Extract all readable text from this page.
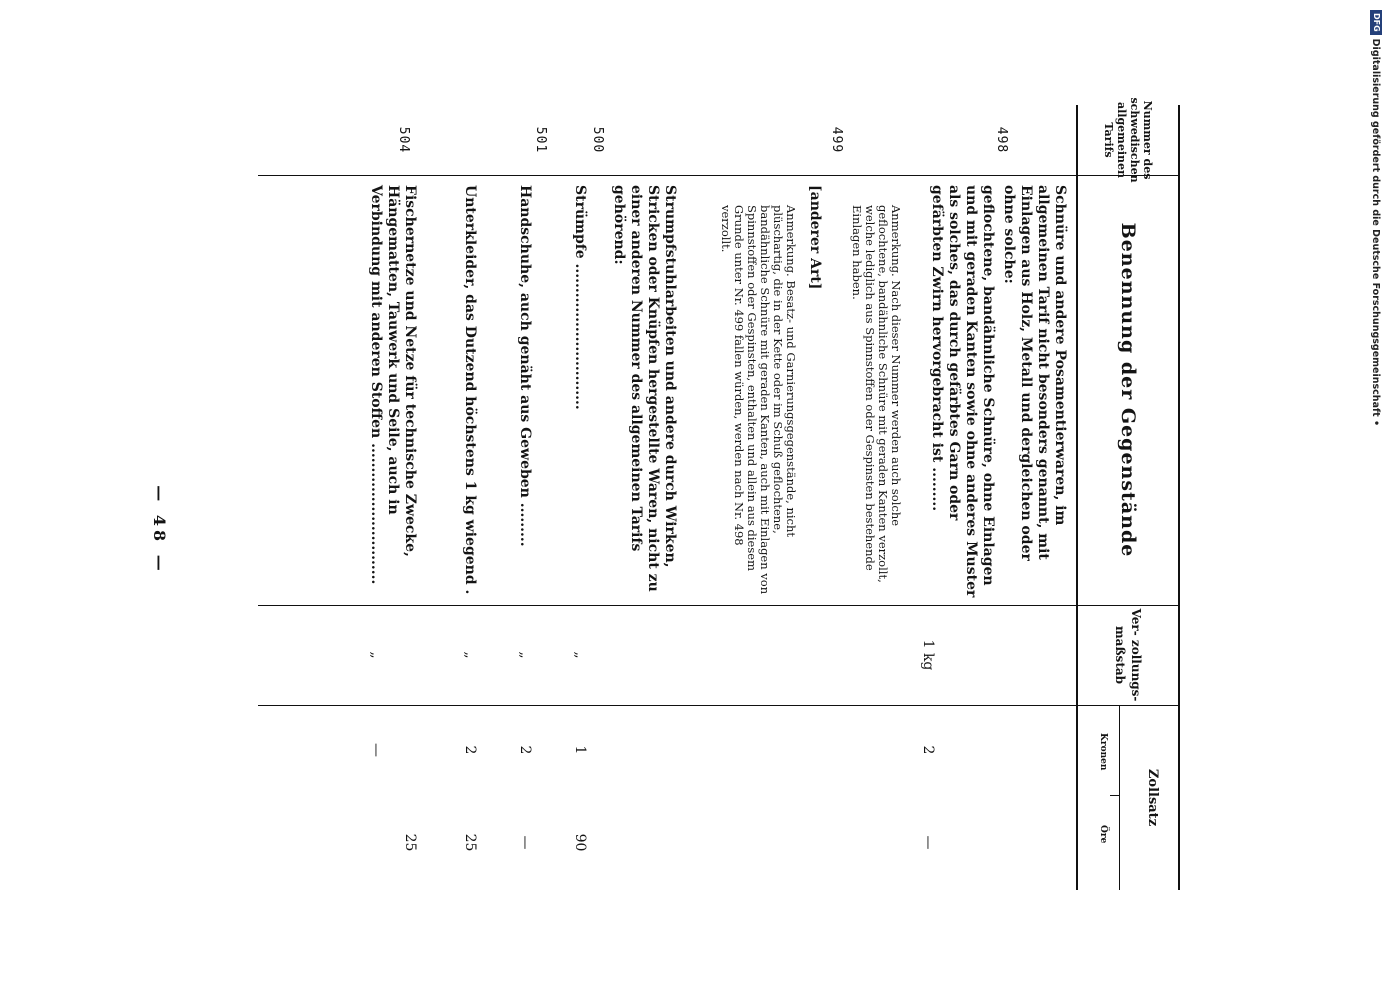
Nummer des schwedischen allgemeinen Tarifs
Benennung der Gegenstände
Ver- zollungs- maßstab
Zollsatz
Kronen
Öre
Schnüre und andere Posamentierwaren, im allgemeinen Tarif nicht besonders genannt, mit Einlagen aus Holz, Metall und dergleichen oder ohne solche:
498
geflochtene, bandähnliche Schnüre, ohne Einlagen und mit geraden Kanten sowie ohne anderes Muster als solches, das durch gefärbtes Garn oder gefärbten Zwirn hervorgebracht ist .........
1 kg
2
—
Anmerkung. Nach dieser Nummer werden auch solche geflochtene, bandähnliche Schnüre mit geraden Kanten verzollt, welche lediglich aus Spinnstoffen oder Gespinsten bestehende Einlagen haben.
499
[anderer Art]
Anmerkung. Besatz- und Garnierungsgegenstände, nicht plüschartig, die in der Kette oder im Schuß geflochtene, bandähnliche Schnüre mit geraden Kanten, auch mit Einlagen von Spinnstoffen oder Gespinsten, enthalten und allein aus diesem Grunde unter Nr. 499 fallen würden, werden nach Nr. 498 verzollt.
Strumpfstuhlarbeiten und andere durch Wirken, Stricken oder Knüpfen hergestellte Waren, nicht zu einer anderen Nummer des allgemeinen Tarifs gehörend:
500
Strümpfe ..............................
„
1
90
501
Handschuhe, auch genäht aus Geweben .........
„
2
—
Unterkleider, das Dutzend höchstens 1 kg wiegend .
„
2
25
504
Fischernetze und Netze für technische Zwecke, Hängematten, Tauwerk und Seile, auch in Verbindung mit anderen Stoffen .............................
„
—
25
— 48 —
DFG
Digitalisierung gefördert durch die Deutsche Forschungsgemeinschaft •
